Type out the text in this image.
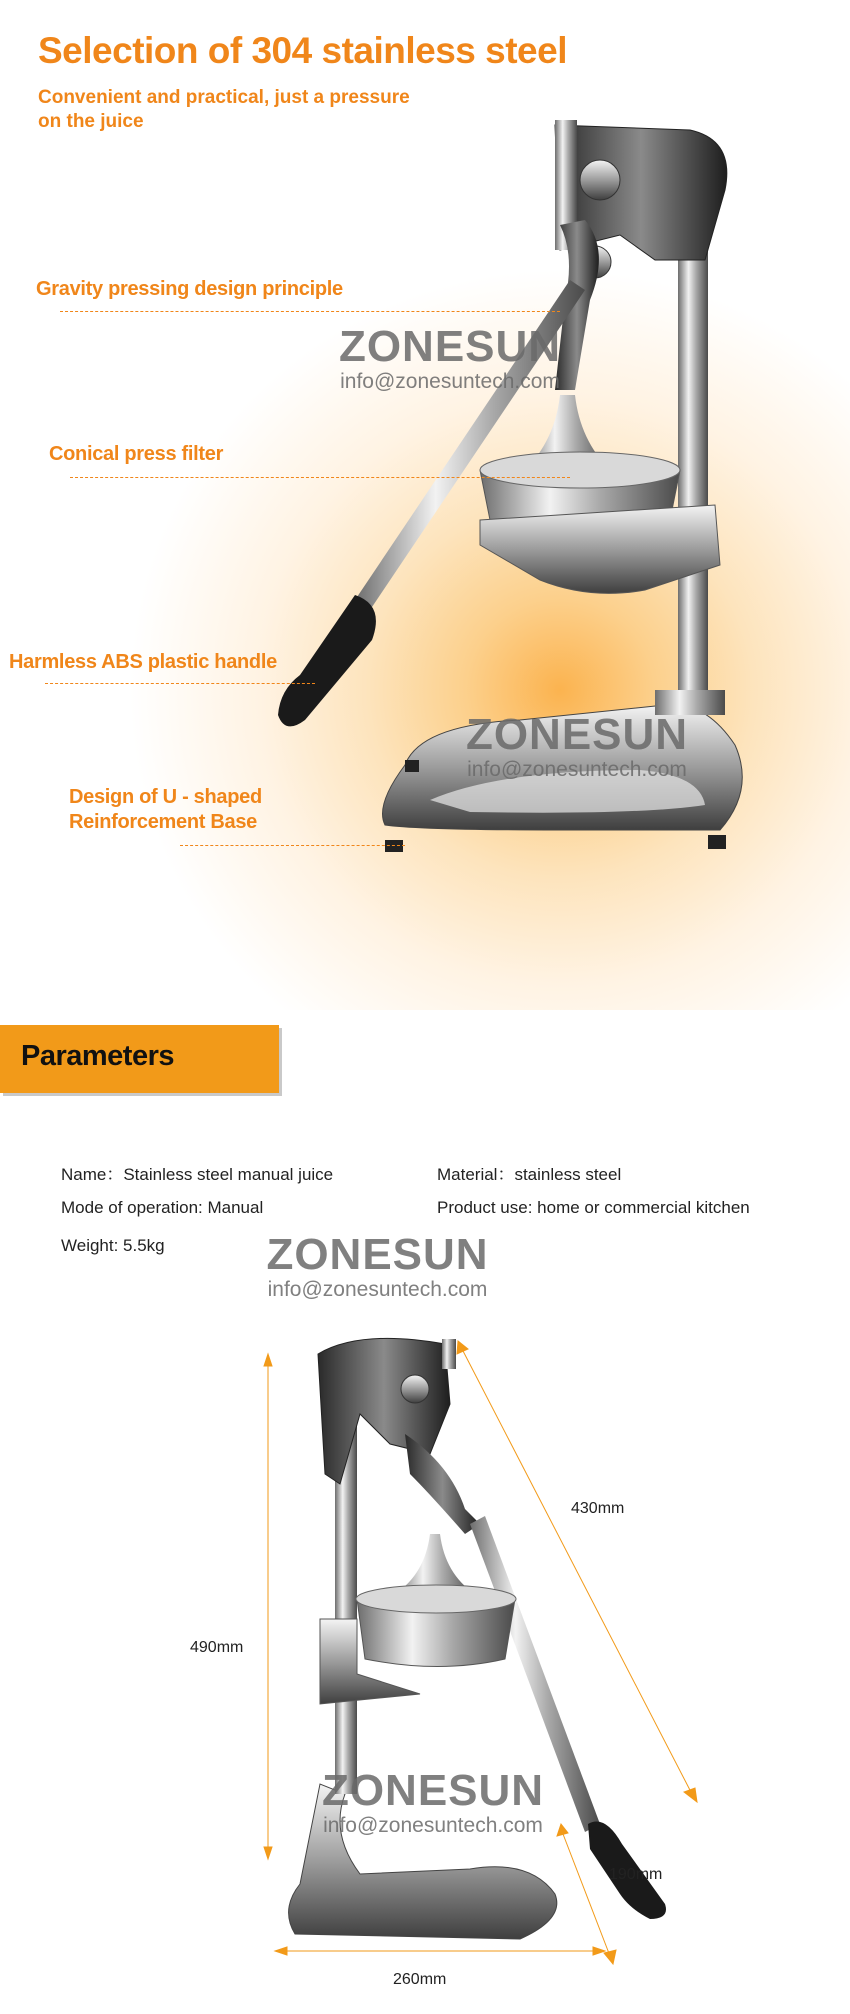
Selection of 304 stainless steel
Convenient and practical, just a pressure on the juice
Gravity pressing design principle
Conical press filter
Harmless ABS plastic handle
Design of U - shaped
Reinforcement Base
ZONESUN
info@zonesuntech.com
ZONESUN
info@zonesuntech.com
Parameters
Name：Stainless steel manual juice	Material：stainless steel
Mode of operation: Manual	Product use: home or commercial kitchen
Weight: 5.5kg	ZONESUN
info@zonesuntech.com
ZONESUN
info@zonesuntech.com
430mm
490mm
190mm
260mm
